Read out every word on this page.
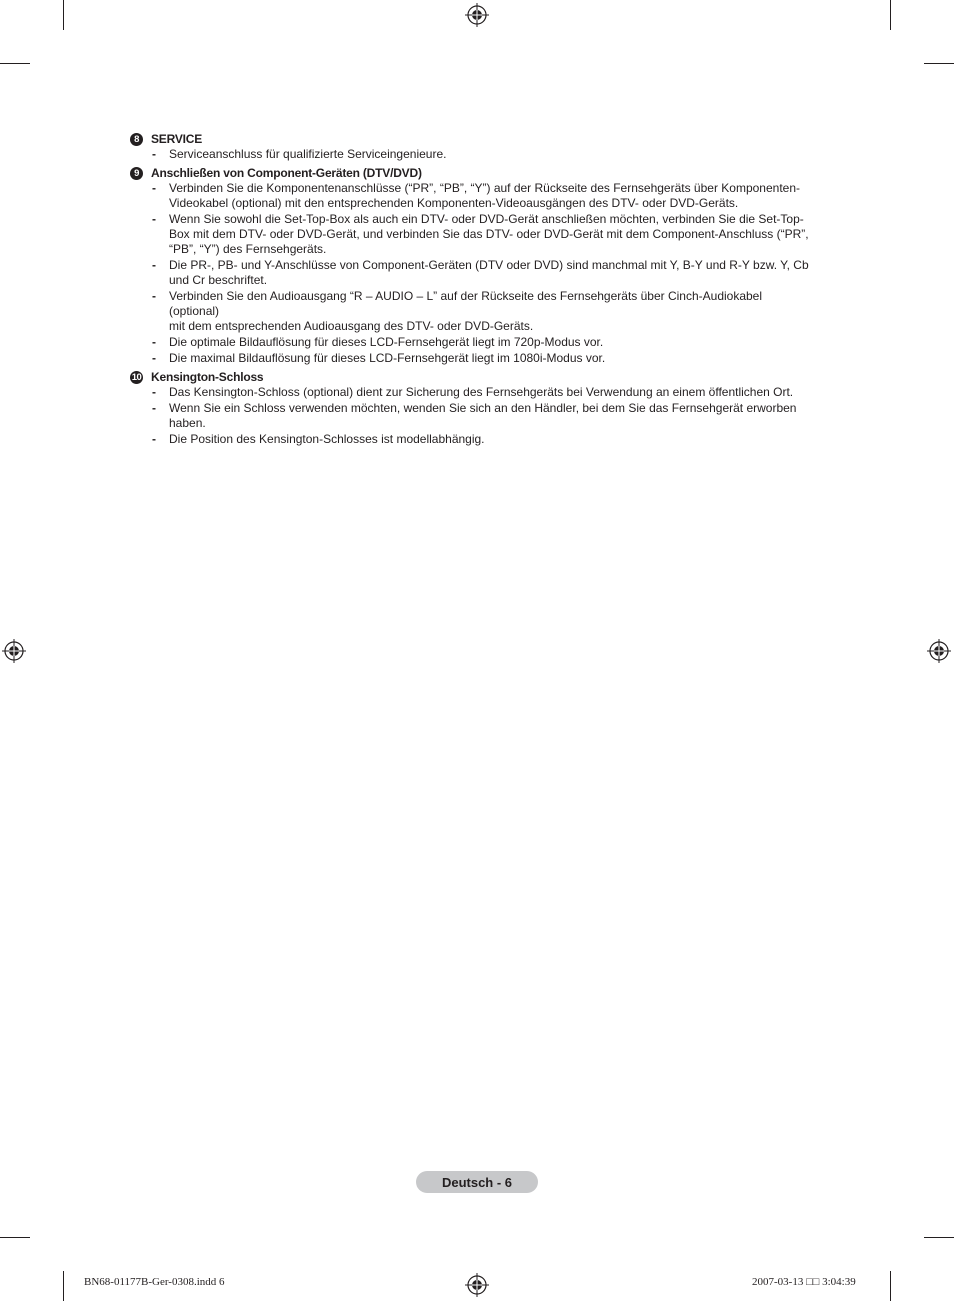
8	SERVICE
- Serviceanschluss für qualifizierte Serviceingenieure.
9	Anschließen von Component-Geräten (DTV/DVD)
- Verbinden Sie die Komponentenanschlüsse (“PR”, “PB”, “Y”) auf der Rückseite des Fernsehgeräts über Komponenten-
Videokabel (optional) mit den entsprechenden Komponenten-Videoausgängen des DTV- oder DVD-Geräts.
- Wenn Sie sowohl die Set-Top-Box als auch ein DTV- oder DVD-Gerät anschließen möchten, verbinden Sie die Set-Top-
Box mit dem DTV- oder DVD-Gerät, und verbinden Sie das DTV- oder DVD-Gerät mit dem Component-Anschluss (“PR”,
“PB”, “Y”) des Fernsehgeräts.
- Die PR-, PB- und Y-Anschlüsse von Component-Geräten (DTV oder DVD) sind manchmal mit Y, B-Y und R-Y bzw. Y, Cb
und Cr beschriftet.
- Verbinden Sie den Audioausgang “R – AUDIO – L” auf der Rückseite des Fernsehgeräts über Cinch-Audiokabel (optional)
mit dem entsprechenden Audioausgang des DTV- oder DVD-Geräts.
- Die optimale Bildauflösung für dieses LCD-Fernsehgerät liegt im 720p-Modus vor.
- Die maximal Bildauflösung für dieses LCD-Fernsehgerät liegt im 1080i-Modus vor.
10 Kensington-Schloss
- Das Kensington-Schloss (optional) dient zur Sicherung des Fernsehgeräts bei Verwendung an einem öffentlichen Ort.
- Wenn Sie ein Schloss verwenden möchten, wenden Sie sich an den Händler, bei dem Sie das Fernsehgerät erworben
haben.
- Die Position des Kensington-Schlosses ist modellabhängig.
Deutsch - 6
BN68-01177B-Ger-0308.indd 6	2007-03-13 □□ 3:04:39
